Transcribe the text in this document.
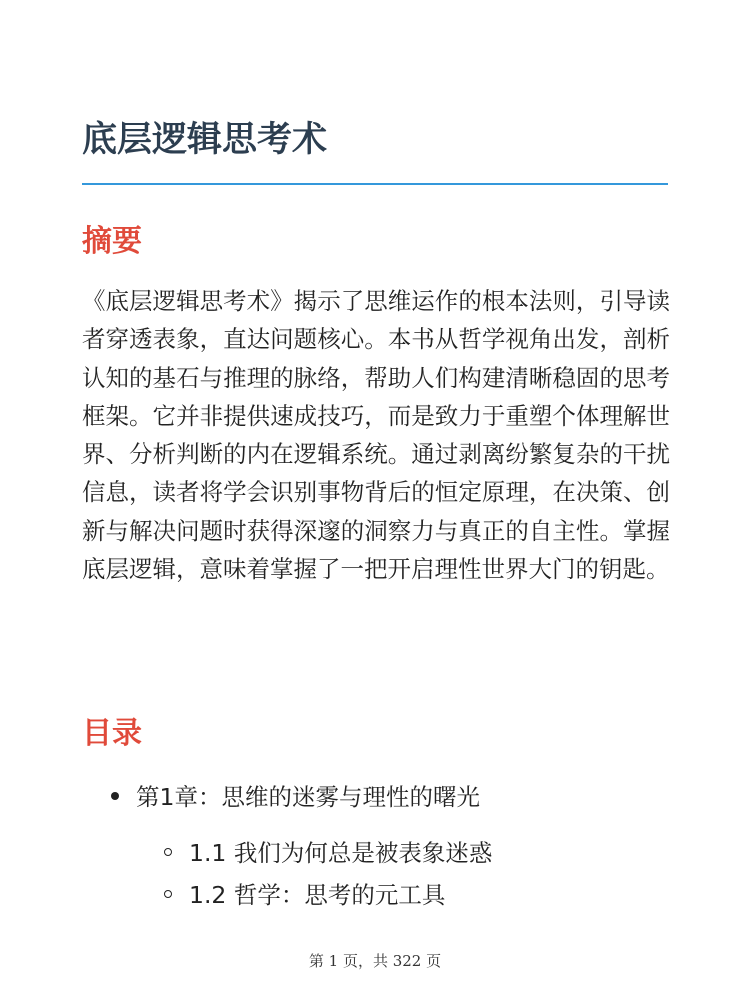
底层逻辑思考术
摘要

《底层逻辑思考术》揭示了思维运作的根本法则，引导读者穿透表象，直达问题核心。本书从哲学视角出发，剖析认知的基石与推理的脉络，帮助人们构建清晰稳固的思考框架。它并非提供速成技巧，而是致力于重塑个体理解世界、分析判断的内在逻辑系统。通过剥离纷繁复杂的干扰信息，读者将学会识别事物背后的恒定原理，在决策、创新与解决问题时获得深邃的洞察力与真正的自主性。掌握底层逻辑，意味着掌握了一把开启理性世界大门的钥匙。

目录
第1章：思维的迷雾与理性的曙光
1.1 我们为何总是被表象迷惑
1.2 哲学：思考的元工具
第 1 页，共 322 页
